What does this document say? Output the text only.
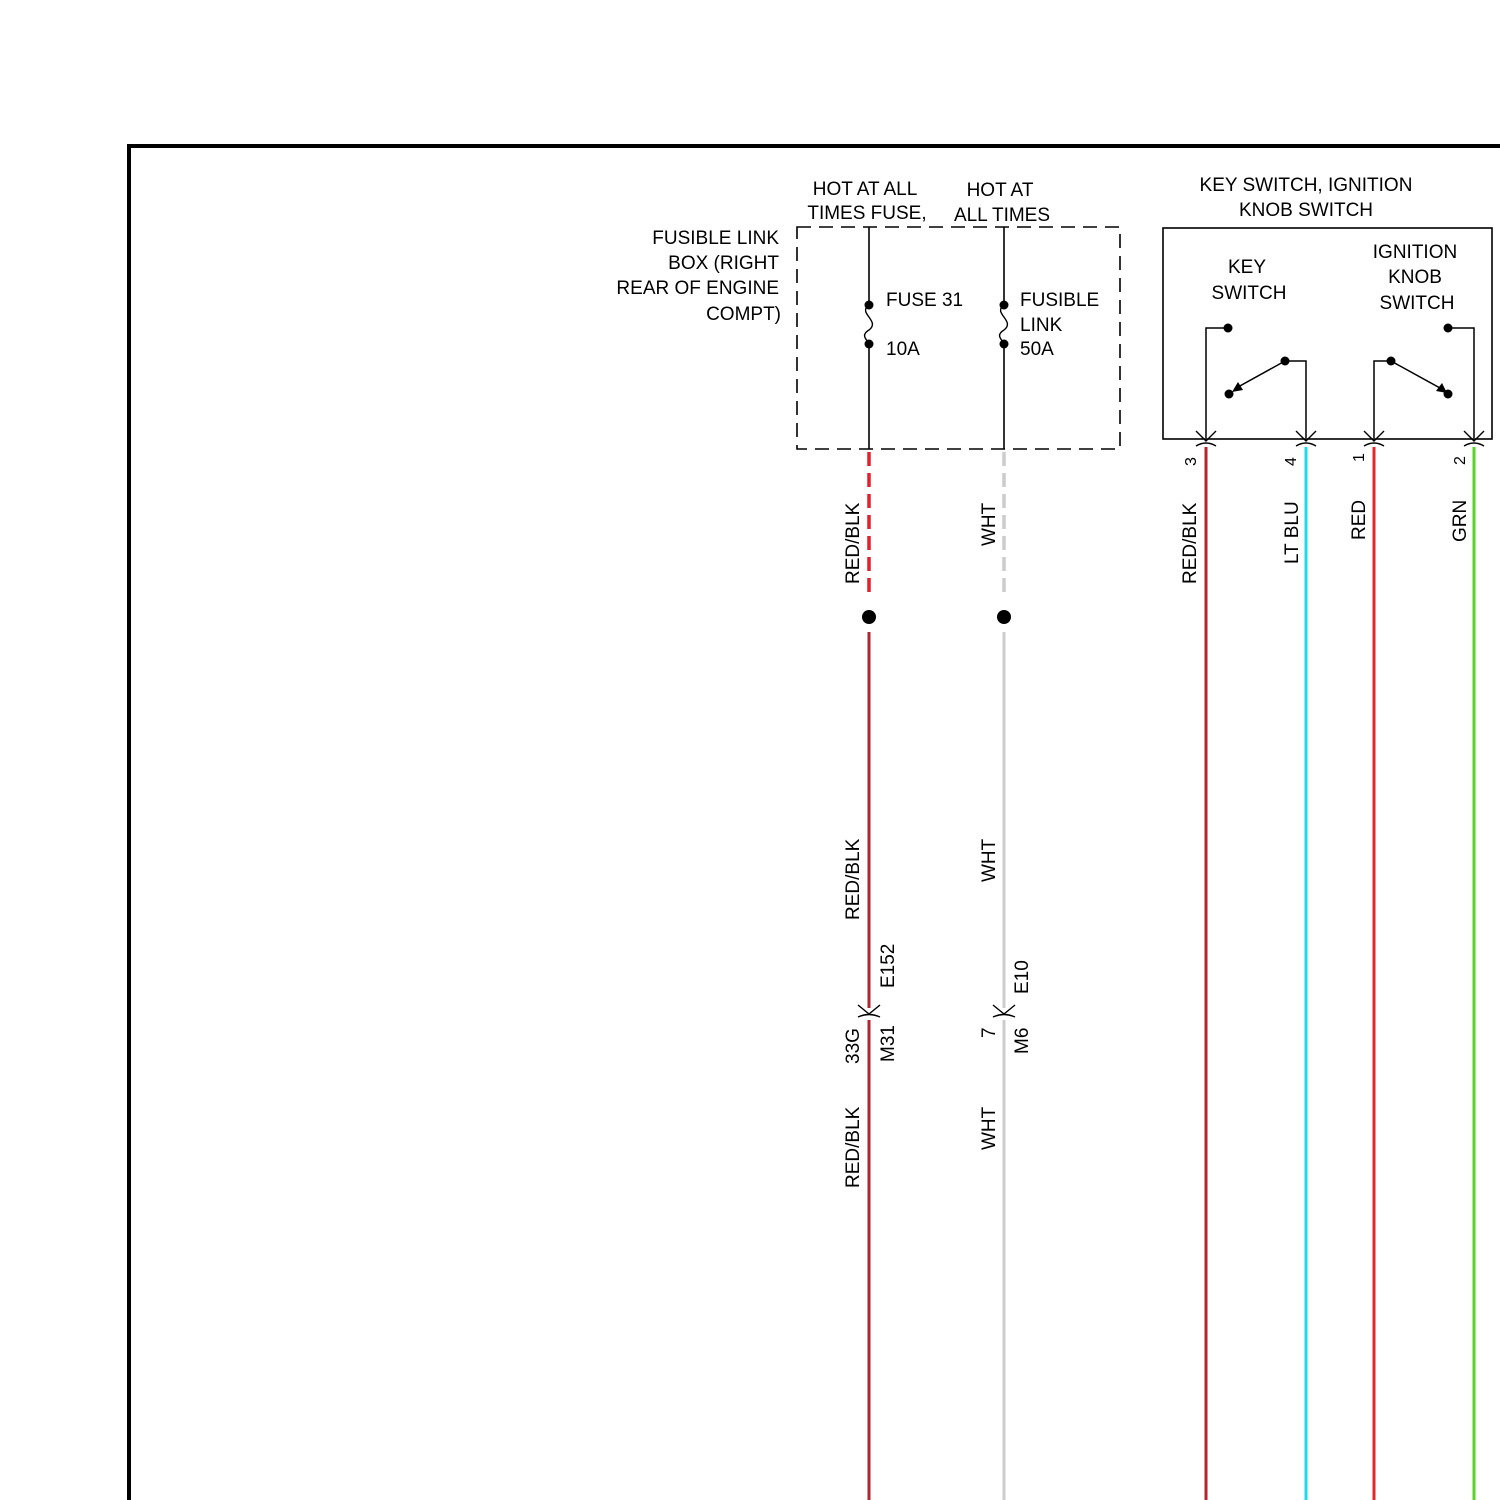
FUSIBLE LINK
BOX (RIGHT
REAR OF ENGINE
COMPT)
HOT AT ALL
TIMES FUSE,
HOT AT
ALL TIMES
FUSE 31
10A
FUSIBLE
LINK
50A
RED/BLK
RED/BLK
RED/BLK
E152
M31
33G
WHT
WHT
WHT
E10
M6
7
KEY SWITCH, IGNITION
KNOB SWITCH
KEY
SWITCH
IGNITION
KNOB
SWITCH
3	4	1	2
RED/BLK	LT BLU RED	GRN
